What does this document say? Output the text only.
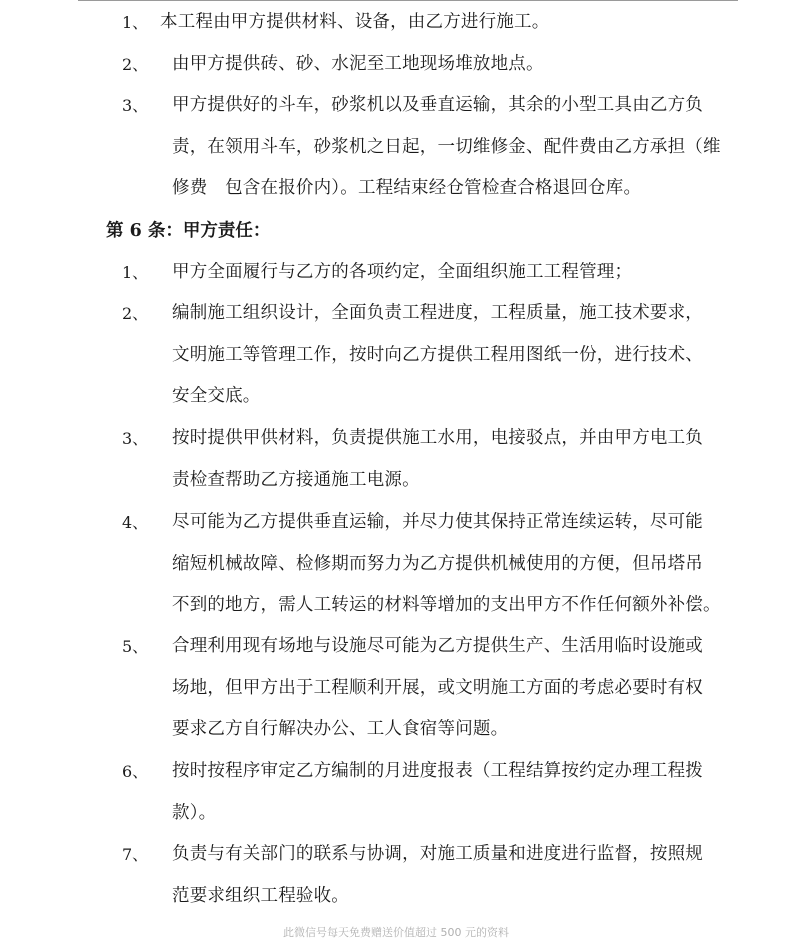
1、 本工程由甲方提供材料、设备，由乙方进行施工。
2、 由甲方提供砖、砂、水泥至工地现场堆放地点。
3、 甲方提供好的斗车，砂浆机以及垂直运输，其余的小型工具由乙方负
责，在领用斗车，砂浆机之日起，一切维修金、配件费由乙方承担（维
修费　包含在报价内）。工程结束经仓管检查合格退回仓库。
第 6 条：甲方责任：
1、 甲方全面履行与乙方的各项约定，全面组织施工工程管理；
2、 编制施工组织设计，全面负责工程进度，工程质量，施工技术要求，
文明施工等管理工作，按时向乙方提供工程用图纸一份，进行技术、
安全交底。
3、 按时提供甲供材料，负责提供施工水用，电接驳点，并由甲方电工负
责检查帮助乙方接通施工电源。
4、 尽可能为乙方提供垂直运输，并尽力使其保持正常连续运转，尽可能
缩短机械故障、检修期而努力为乙方提供机械使用的方便，但吊塔吊
不到的地方，需人工转运的材料等增加的支出甲方不作任何额外补偿。
5、 合理利用现有场地与设施尽可能为乙方提供生产、生活用临时设施或
场地，但甲方出于工程顺利开展，或文明施工方面的考虑必要时有权
要求乙方自行解决办公、工人食宿等问题。
6、 按时按程序审定乙方编制的月进度报表（工程结算按约定办理工程拨
款）。
7、 负责与有关部门的联系与协调，对施工质量和进度进行监督，按照规
范要求组织工程验收。
此微信号每天免费赠送价值超过 500 元的资料
